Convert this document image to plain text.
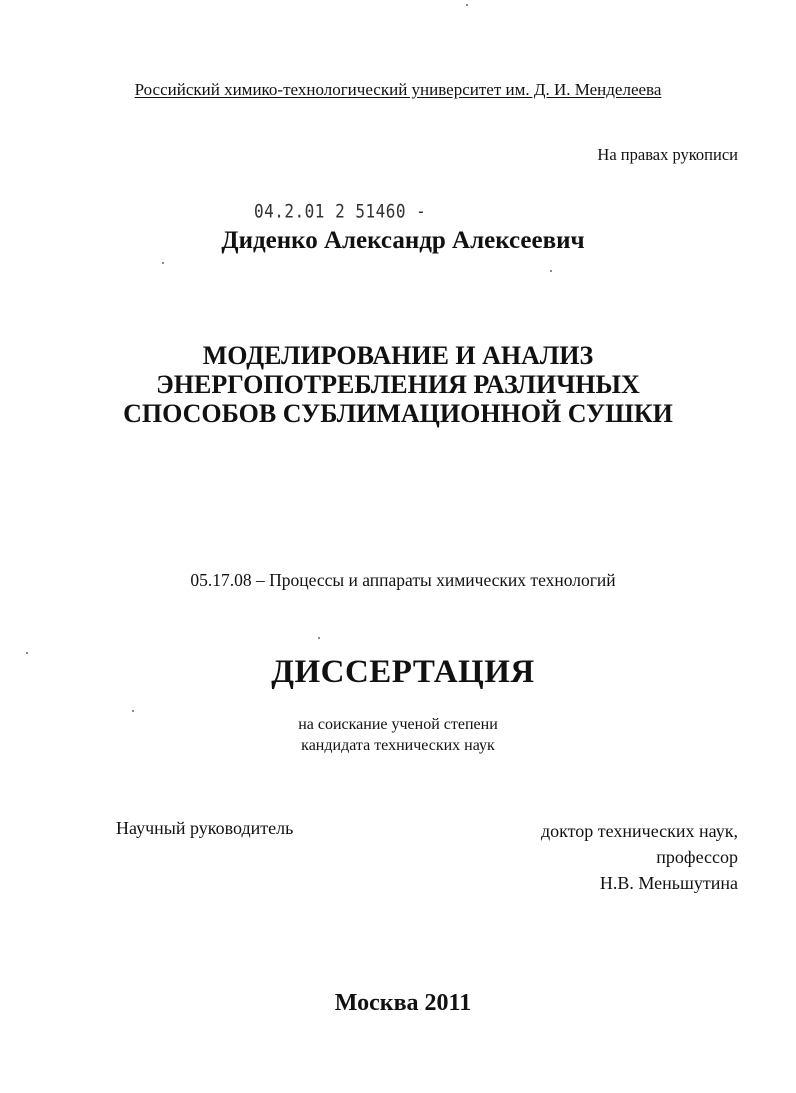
Российский химико-технологический университет им. Д. И. Менделеева
На правах рукописи
04.2.01 2 51460 -
Диденко Александр Алексеевич
МОДЕЛИРОВАНИЕ И АНАЛИЗ
ЭНЕРГОПОТРЕБЛЕНИЯ РАЗЛИЧНЫХ
СПОСОБОВ СУБЛИМАЦИОННОЙ СУШКИ
05.17.08 – Процессы и аппараты химических технологий
ДИССЕРТАЦИЯ
на соискание ученой степени
кандидата технических наук
Научный руководитель	доктор технических наук,
профессор
Н.В. Меньшутина
Москва 2011
